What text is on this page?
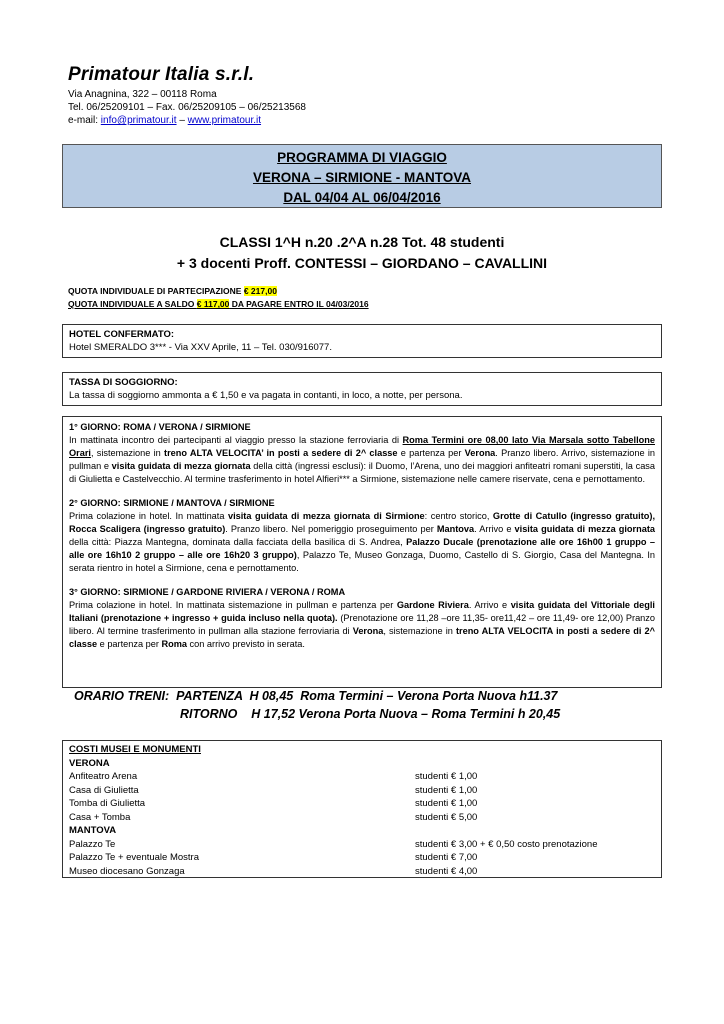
Primatour Italia s.r.l.
Via Anagnina, 322 – 00118 Roma
Tel. 06/25209101 – Fax. 06/25209105 – 06/25213568
e-mail: info@primatour.it – www.primatour.it
PROGRAMMA DI VIAGGIO
VERONA – SIRMIONE - MANTOVA
DAL 04/04 AL 06/04/2016
CLASSI 1^H n.20 .2^A n.28 Tot. 48 studenti
+ 3 docenti Proff. CONTESSI – GIORDANO – CAVALLINI
QUOTA INDIVIDUALE DI PARTECIPAZIONE € 217,00
QUOTA INDIVIDUALE A SALDO € 117,00 DA PAGARE ENTRO IL 04/03/2016
HOTEL CONFERMATO:
Hotel SMERALDO 3*** - Via XXV Aprile, 11 – Tel. 030/916077.
TASSA DI SOGGIORNO:
La tassa di soggiorno ammonta a € 1,50 e va pagata in contanti, in loco, a notte, per persona.

1° GIORNO: ROMA / VERONA / SIRMIONE

In mattinata incontro dei partecipanti al viaggio presso la stazione ferroviaria di Roma Termini ore 08,00 lato Via Marsala sotto Tabellone Orari, sistemazione in treno ALTA VELOCITA’ in posti a sedere di 2^ classe e partenza per Verona. Pranzo libero. Arrivo, sistemazione in pullman e visita guidata di mezza giornata della città (ingressi esclusi): il Duomo, l’Arena, uno dei maggiori anfiteatri romani superstiti, la casa di Giulietta e Castelvecchio. Al termine trasferimento in hotel Alfieri*** a Sirmione, sistemazione nelle camere riservate, cena e pernottamento.

2° GIORNO: SIRMIONE / MANTOVA / SIRMIONE

Prima colazione in hotel. In mattinata visita guidata di mezza giornata di Sirmione: centro storico, Grotte di Catullo (ingresso gratuito), Rocca Scaligera (ingresso gratuito). Pranzo libero. Nel pomeriggio proseguimento per Mantova. Arrivo e visita guidata di mezza giornata della città: Piazza Mantegna, dominata dalla facciata della basilica di S. Andrea, Palazzo Ducale (prenotazione alle ore 16h00 1 gruppo – alle ore 16h10 2 gruppo – alle ore 16h20 3 gruppo), Palazzo Te, Museo Gonzaga, Duomo, Castello di S. Giorgio, Casa del Mantegna. In serata rientro in hotel a Sirmione, cena e pernottamento.

3° GIORNO: SIRMIONE / GARDONE RIVIERA / VERONA / ROMA

Prima colazione in hotel. In mattinata sistemazione in pullman e partenza per Gardone Riviera. Arrivo e visita guidata del Vittoriale degli Italiani (prenotazione + ingresso + guida incluso nella quota). (Prenotazione ore 11,28 –ore 11,35- ore11,42 – ore 11,49- ore 12,00) Pranzo libero. Al termine trasferimento in pullman alla stazione ferroviaria di Verona, sistemazione in treno ALTA VELOCITA in posti a sedere di 2^ classe e partenza per Roma con arrivo previsto in serata.

ORARIO TRENI:  PARTENZA  H 08,45  Roma Termini – Verona Porta Nuova h11.37
RITORNO    H 17,52 Verona Porta Nuova – Roma Termini h 20,45
COSTI MUSEI E MONUMENTI
VERONA
Anfiteatro Arena	studenti € 1,00
Casa di Giulietta	studenti € 1,00
Tomba di Giulietta	studenti € 1,00
Casa + Tomba	studenti € 5,00
MANTOVA
Palazzo Te	studenti € 3,00 + € 0,50 costo prenotazione
Palazzo Te + eventuale Mostra	studenti € 7,00
Museo diocesano Gonzaga	studenti € 4,00
